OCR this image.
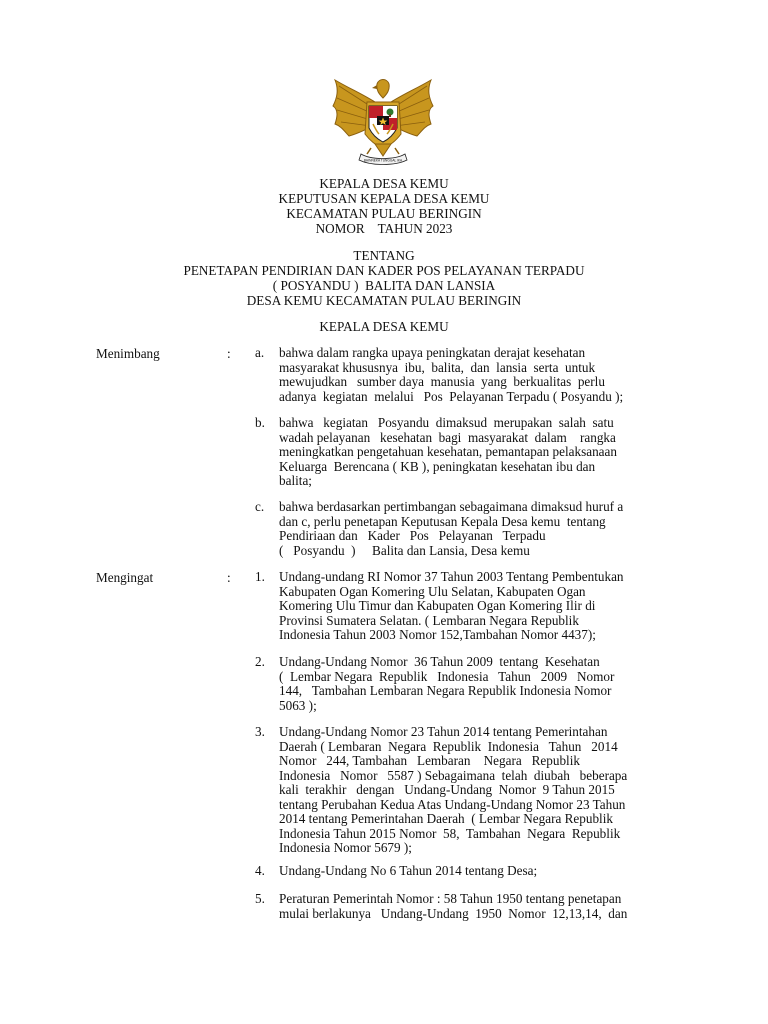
BHINNEKA TUNGGAL IKA
KEPALA DESA KEMU
KEPUTUSAN KEPALA DESA KEMU
KECAMATAN PULAU BERINGIN
NOMOR    TAHUN 2023
TENTANG
PENETAPAN PENDIRIAN DAN KADER POS PELAYANAN TERPADU
( POSYANDU )  BALITA DAN LANSIA
DESA KEMU KECAMATAN PULAU BERINGIN
KEPALA DESA KEMU
Menimbang	: a.	bahwa dalam rangka upaya peningkatan derajat kesehatan
masyarakat khususnya  ibu,  balita,  dan  lansia  serta  untuk
mewujudkan   sumber daya  manusia  yang  berkualitas  perlu
adanya  kegiatan  melalui   Pos  Pelayanan Terpadu ( Posyandu );
b.	bahwa   kegiatan   Posyandu  dimaksud  merupakan  salah  satu
wadah pelayanan   kesehatan  bagi  masyarakat  dalam    rangka
meningkatkan pengetahuan kesehatan, pemantapan pelaksanaan
Keluarga  Berencana ( KB ), peningkatan kesehatan ibu dan
balita;
c.	bahwa berdasarkan pertimbangan sebagaimana dimaksud huruf a
dan c, perlu penetapan Keputusan Kepala Desa kemu  tentang
Pendiriaan dan   Kader   Pos   Pelayanan   Terpadu
(   Posyandu  )     Balita dan Lansia, Desa kemu
Mengingat	: 1.	Undang-undang RI Nomor 37 Tahun 2003 Tentang Pembentukan
Kabupaten Ogan Komering Ulu Selatan, Kabupaten Ogan
Komering Ulu Timur dan Kabupaten Ogan Komering Ilir di
Provinsi Sumatera Selatan. ( Lembaran Negara Republik
Indonesia Tahun 2003 Nomor 152,Tambahan Nomor 4437);
2.	Undang-Undang Nomor  36 Tahun 2009  tentang  Kesehatan
(  Lembar Negara  Republik   Indonesia   Tahun   2009   Nomor
144,   Tambahan Lembaran Negara Republik Indonesia Nomor
5063 );
3.	Undang-Undang Nomor 23 Tahun 2014 tentang Pemerintahan
Daerah ( Lembaran  Negara  Republik  Indonesia   Tahun   2014
Nomor   244, Tambahan   Lembaran    Negara   Republik
Indonesia   Nomor   5587 ) Sebagaimana  telah  diubah   beberapa
kali  terakhir   dengan   Undang-Undang  Nomor  9 Tahun 2015
tentang Perubahan Kedua Atas Undang-Undang Nomor 23 Tahun
2014 tentang Pemerintahan Daerah  ( Lembar Negara Republik
Indonesia Tahun 2015 Nomor  58,  Tambahan  Negara  Republik
Indonesia Nomor 5679 );
4.	Undang-Undang No 6 Tahun 2014 tentang Desa;
5.	Peraturan Pemerintah Nomor : 58 Tahun 1950 tentang penetapan
mulai berlakunya   Undang-Undang  1950  Nomor  12,13,14,  dan
